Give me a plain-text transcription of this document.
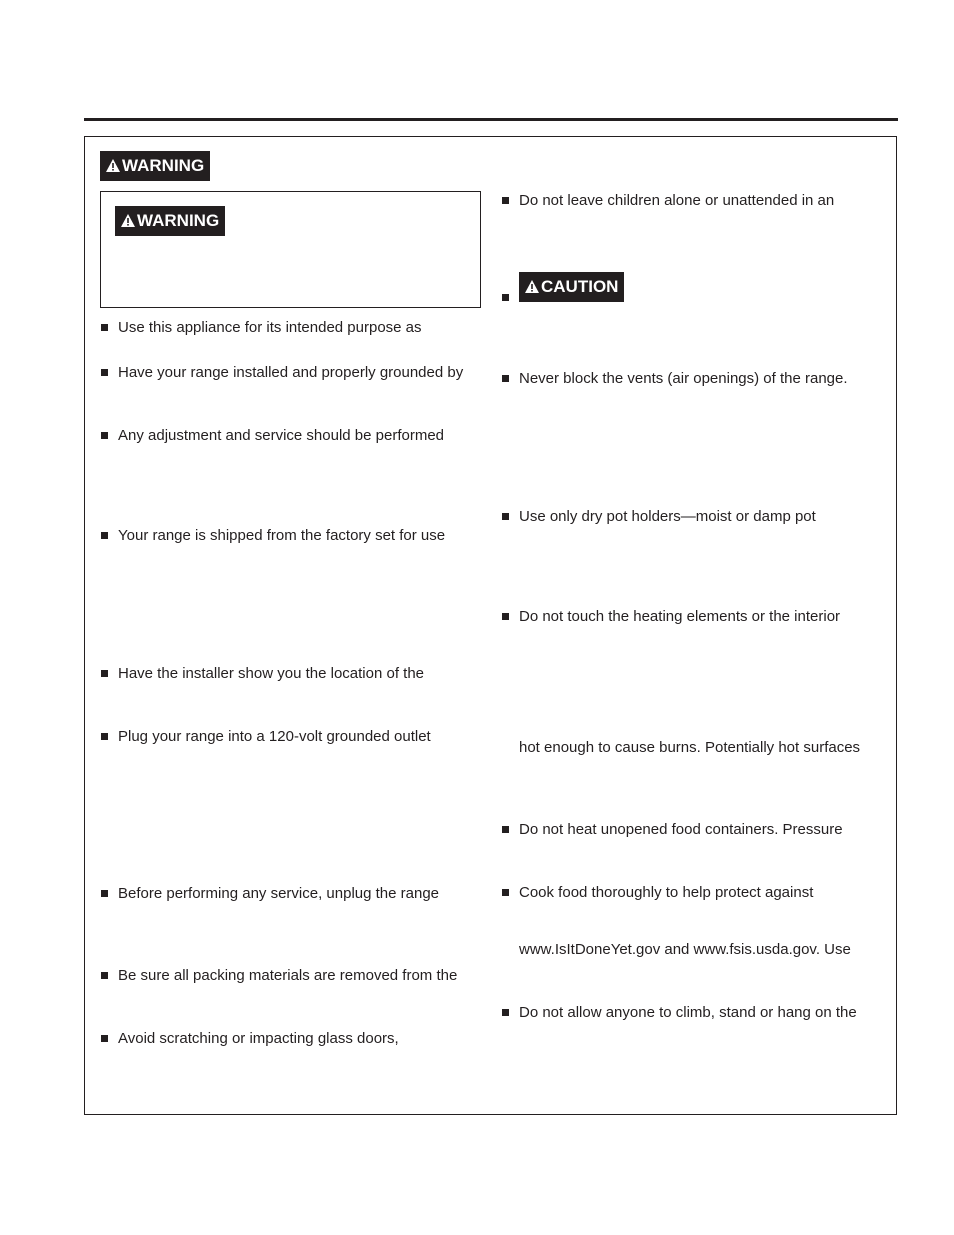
WARNING
WARNING
Use this appliance for its intended purpose as
Have your range installed and properly grounded by
Any adjustment and service should be performed
Your range is shipped from the factory set for use
Have the installer show you the location of the
Plug your range into a 120-volt grounded outlet
Before performing any service, unplug the range
Be sure all packing materials are removed from the
Avoid scratching or impacting glass doors,
Do not leave children alone or unattended in an
CAUTION
Never block the vents (air openings) of the range.
Use only dry pot holders—moist or damp pot
Do not touch the heating elements or the interior
hot enough to cause burns. Potentially hot surfaces
Do not heat unopened food containers. Pressure
Cook food thoroughly to help protect against
www.IsItDoneYet.gov and www.fsis.usda.gov. Use
Do not allow anyone to climb, stand or hang on the
